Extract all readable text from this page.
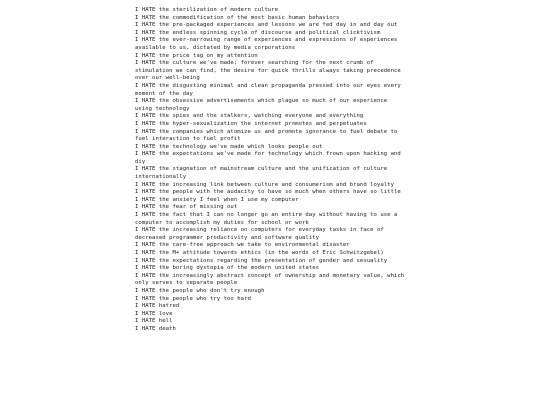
I HATE the sterilization of modern culture

I HATE the commodification of the most basic human behaviors

I HATE the pre-packaged experiences and lessons we are fed day in and day out

I HATE the endless spinning cycle of discourse and political clicktivism

I HATE the ever-narrowing range of experiences and expressions of experiences available to us, dictated by media corporations

I HATE the price tag on my attention

I HATE the culture we've made; forever searching for the next crumb of stimulation we can find, the desire for quick thrills always taking precedence over our well-being

I HATE the disgusting minimal and clean propaganda pressed into our eyes every moment of the day

I HATE the obsessive advertisements which plague so much of our experience using technology

I HATE the spies and the stalkers, watching everyone and everything

I HATE the hyper-sexualization the internet promotes and perpetuates

I HATE the companies which atomize us and promote ignorance to fuel debate to fuel interaction to fuel profit

I HATE the technology we've made which looks people out

I HATE the expectations we've made for technology which frown upon hacking and diy

I HATE the stagnation of mainstream culture and the unification of culture internationally

I HATE the increasing link between culture and consumerism and brand loyalty

I HATE the people with the audacity to have so much when others have so little

I HATE the anxiety I feel when I use my computer

I HATE the fear of missing out

I HATE the fact that I can no longer go an entire day without having to use a computer to accomplish my duties for school or work

I HATE the increasing reliance on computers for everyday tasks in face of decreased programmer productivity and software quality

I HATE the care-free approach we take to environmental disaster

I HATE the M+ attitude towards ethics (in the words of Eric Schwitzgebel)

I HATE the expectations regarding the presentation of gender and sexuality

I HATE the boring dystopia of the modern united states

I HATE the increasingly abstract concept of ownership and monetary value, which only serves to separate people

I HATE the people who don't try enough

I HATE the people who try too hard

I HATE hatred

I HATE love

I HATE hell

I HATE death
